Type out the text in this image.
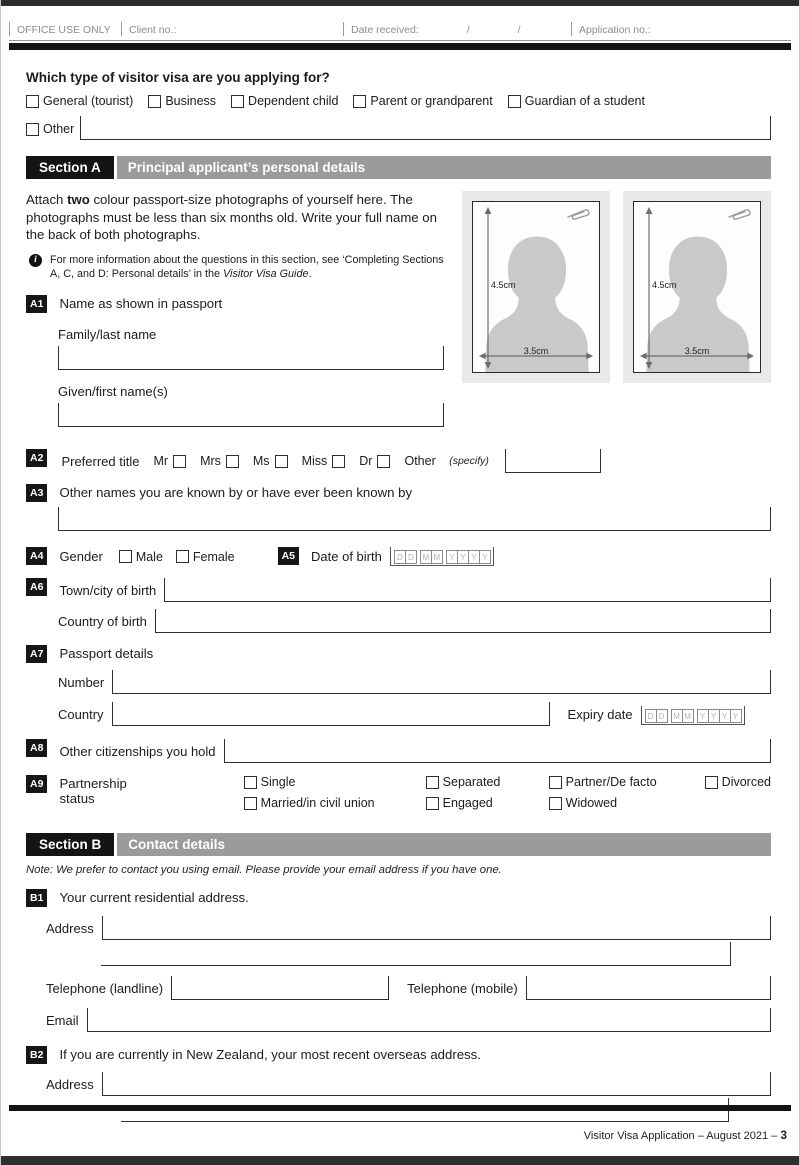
OFFICE USE ONLY	Client no.:	Date received:	/	/	Application no.:
Which type of visitor visa are you applying for?
General (tourist)	Business	Dependent child	Parent or grandparent	Guardian of a student
Other
Section A	Principal applicant’s personal details

Attach two colour passport-size photographs of yourself here. The photographs must be less than six months old. Write your full name on the back of both photographs.

i	For more information about the questions in this section, see ‘Completing Sections A, C, and D: Personal details’ in the Visitor Visa Guide.
A1	Name as shown in passport
Family/last name
Given/first name(s)
4.5cm
3.5cm
4.5cm
3.5cm
A2	Preferred title Mr	Mrs	Ms	Miss	Dr	Other
(specify)
A3	Other names you are known by or have ever been known by
A4	Gender	Male Female	A5	Date of birth	D D	M M	Y Y Y Y
A6	Town/city of birth
Country of birth
A7	Passport details
Number
Country	Expiry date	D D	M M	Y Y Y Y
A8	Other citizenships you hold
A9	Partnership status
Single	Separated	Partner/De facto	Divorced
Married/in civil union	Engaged	Widowed
Section B	Contact details
Note: We prefer to contact you using email. Please provide your email address if you have one.
B1	Your current residential address.
Address
Telephone (landline)	Telephone (mobile)
Email
B2	If you are currently in New Zealand, your most recent overseas address.
Address
Visitor Visa Application – August 2021 – 3
